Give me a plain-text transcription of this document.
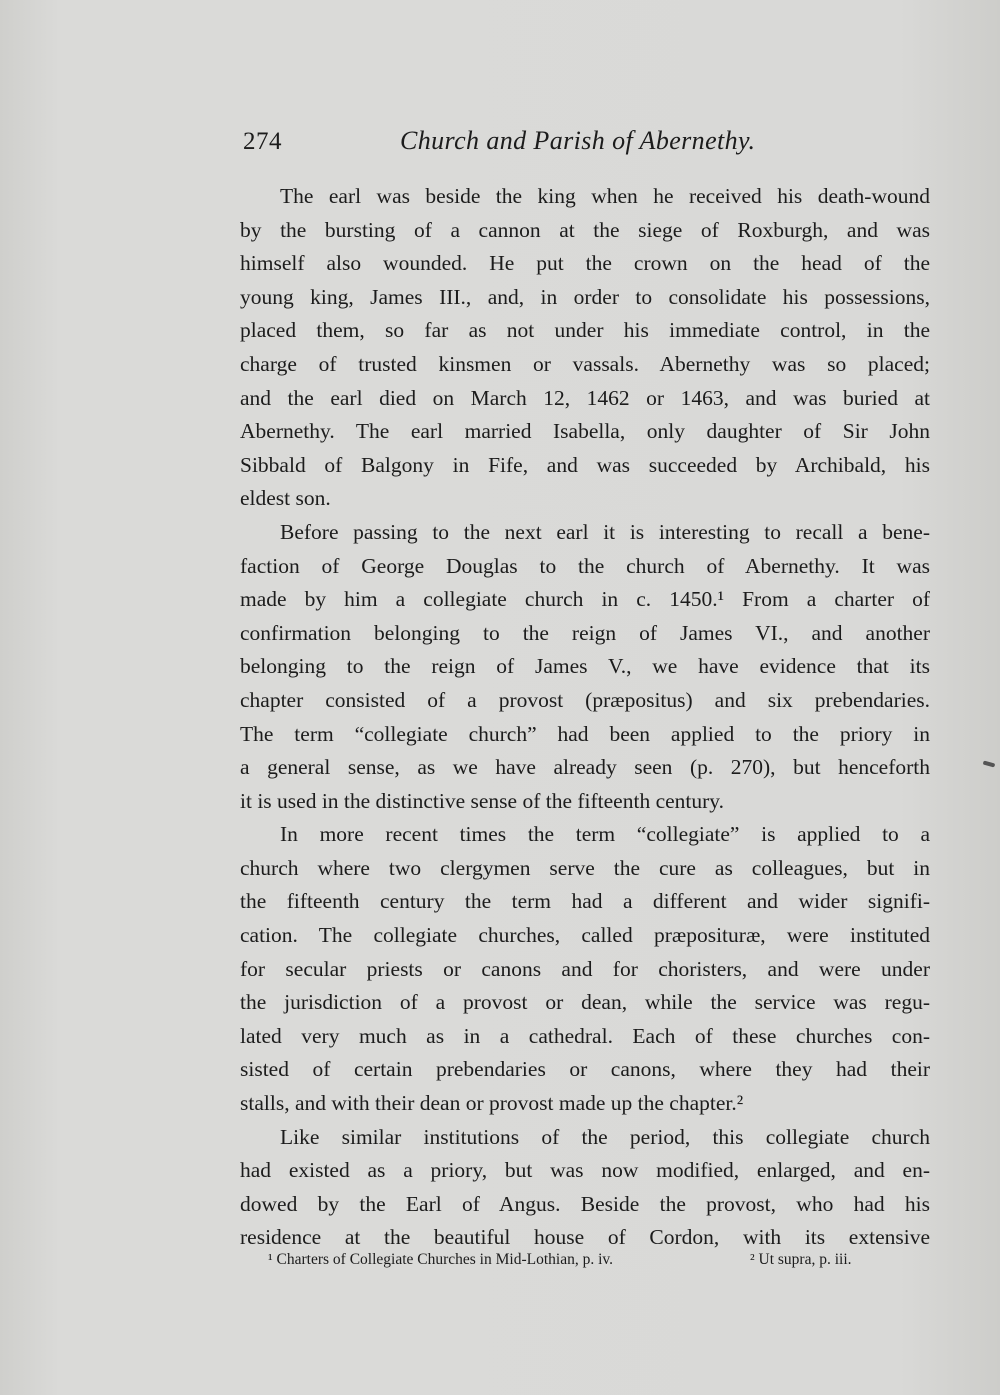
274	Church and Parish of Abernethy.
The earl was beside the king when he received his death-wound
by the bursting of a cannon at the siege of Roxburgh, and was
himself also wounded. He put the crown on the head of the
young king, James III., and, in order to consolidate his possessions,
placed them, so far as not under his immediate control, in the
charge of trusted kinsmen or vassals. Abernethy was so placed;
and the earl died on March 12, 1462 or 1463, and was buried at
Abernethy. The earl married Isabella, only daughter of Sir John
Sibbald of Balgony in Fife, and was succeeded by Archibald, his
eldest son.
Before passing to the next earl it is interesting to recall a bene-
faction of George Douglas to the church of Abernethy. It was
made by him a collegiate church in c. 1450.¹ From a charter of
confirmation belonging to the reign of James VI., and another
belonging to the reign of James V., we have evidence that its
chapter consisted of a provost (præpositus) and six prebendaries.
The term “collegiate church” had been applied to the priory in
a general sense, as we have already seen (p. 270), but henceforth
it is used in the distinctive sense of the fifteenth century.
In more recent times the term “collegiate” is applied to a
church where two clergymen serve the cure as colleagues, but in
the fifteenth century the term had a different and wider signifi-
cation. The collegiate churches, called præposituræ, were instituted
for secular priests or canons and for choristers, and were under
the jurisdiction of a provost or dean, while the service was regu-
lated very much as in a cathedral. Each of these churches con-
sisted of certain prebendaries or canons, where they had their
stalls, and with their dean or provost made up the chapter.²
Like similar institutions of the period, this collegiate church
had existed as a priory, but was now modified, enlarged, and en-
dowed by the Earl of Angus. Beside the provost, who had his
residence at the beautiful house of Cordon, with its extensive
¹ Charters of Collegiate Churches in Mid-Lothian, p. iv.	² Ut supra, p. iii.
